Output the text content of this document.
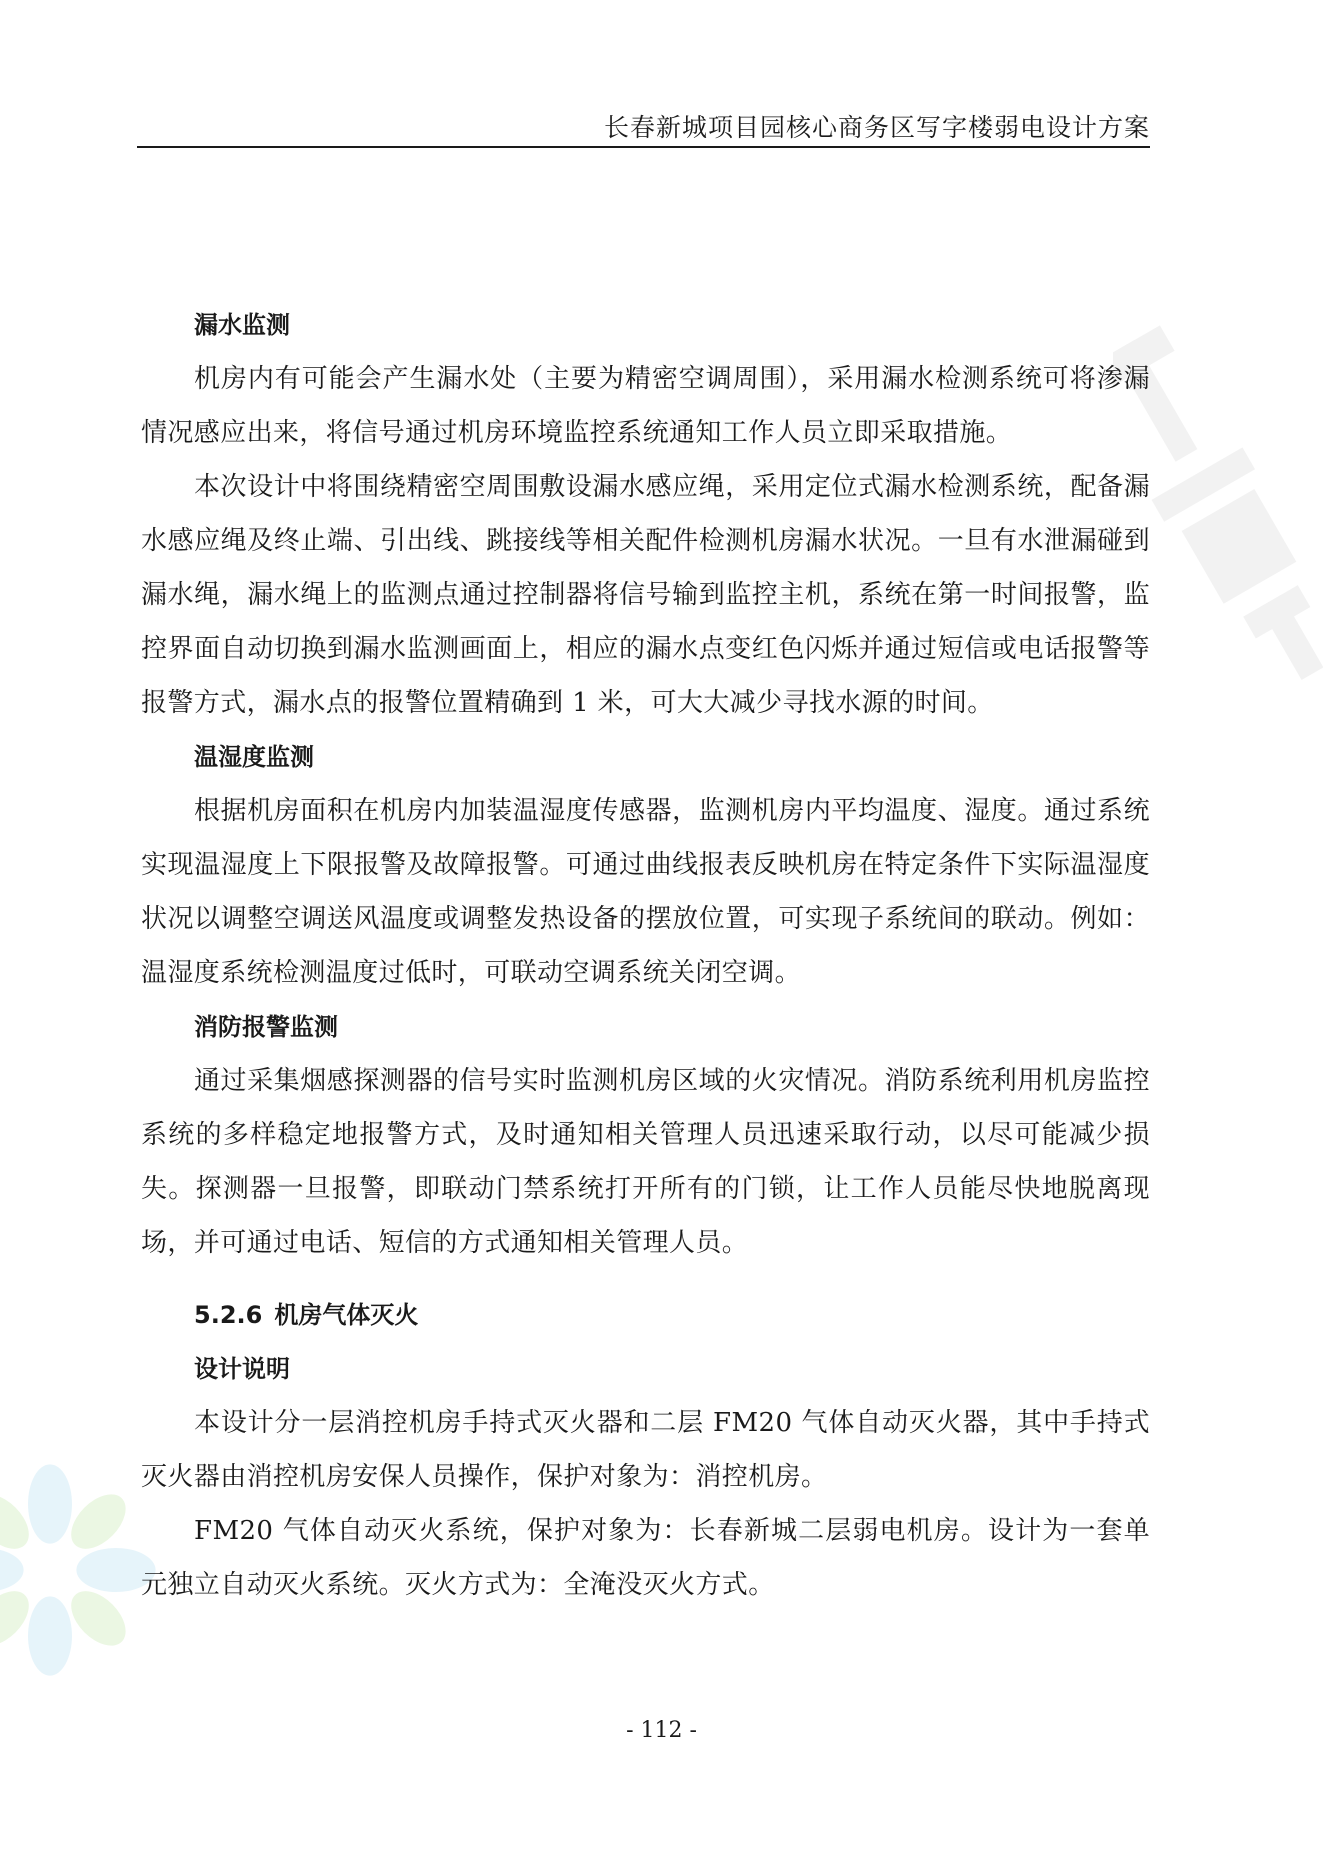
长春新城项目园核心商务区写字楼弱电设计方案
漏水监测

机房内有可能会产生漏水处（主要为精密空调周围），采用漏水检测系统可将渗漏情况感应出来，将信号通过机房环境监控系统通知工作人员立即采取措施。

本次设计中将围绕精密空周围敷设漏水感应绳，采用定位式漏水检测系统，配备漏水感应绳及终止端、引出线、跳接线等相关配件检测机房漏水状况。一旦有水泄漏碰到漏水绳，漏水绳上的监测点通过控制器将信号输到监控主机，系统在第一时间报警，监控界面自动切换到漏水监测画面上，相应的漏水点变红色闪烁并通过短信或电话报警等报警方式，漏水点的报警位置精确到 1 米，可大大减少寻找水源的时间。

温湿度监测

根据机房面积在机房内加装温湿度传感器，监测机房内平均温度、湿度。通过系统实现温湿度上下限报警及故障报警。可通过曲线报表反映机房在特定条件下实际温湿度状况以调整空调送风温度或调整发热设备的摆放位置，可实现子系统间的联动。例如：温湿度系统检测温度过低时，可联动空调系统关闭空调。

消防报警监测

通过采集烟感探测器的信号实时监测机房区域的火灾情况。消防系统利用机房监控系统的多样稳定地报警方式，及时通知相关管理人员迅速采取行动，以尽可能减少损失。探测器一旦报警，即联动门禁系统打开所有的门锁，让工作人员能尽快地脱离现场，并可通过电话、短信的方式通知相关管理人员。

5.2.6 机房气体灭火
设计说明

本设计分一层消控机房手持式灭火器和二层 FM20 气体自动灭火器，其中手持式灭火器由消控机房安保人员操作，保护对象为：消控机房。

FM20 气体自动灭火系统，保护对象为：长春新城二层弱电机房。设计为一套单元独立自动灭火系统。灭火方式为：全淹没灭火方式。

- 112 -
